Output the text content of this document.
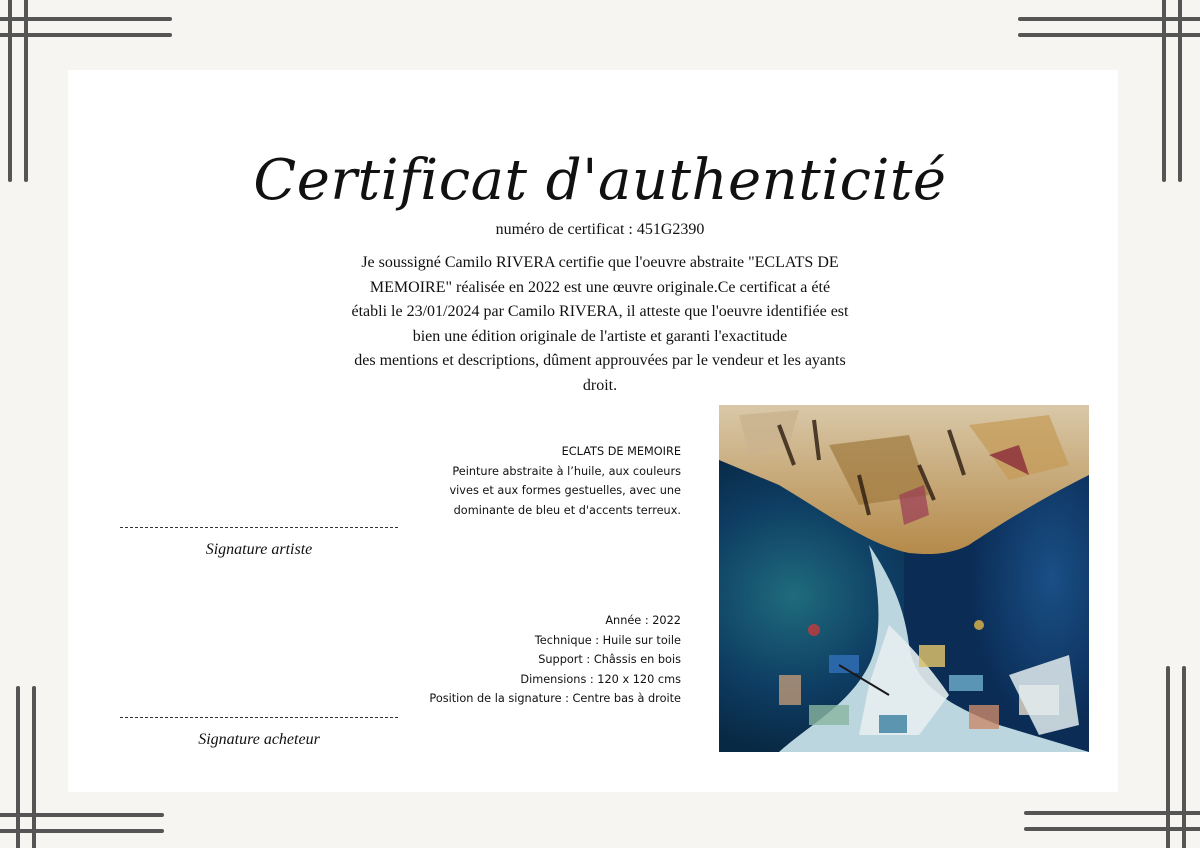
Certificat d'authenticité
numéro de certificat : 451G2390
Je soussigné Camilo RIVERA certifie que l'oeuvre abstraite "ECLATS DE
MEMOIRE" réalisée en 2022 est une œuvre originale.Ce certificat a été
établi le 23/01/2024 par Camilo RIVERA, il atteste que l'oeuvre identifiée est
bien une édition originale de l'artiste et garanti l'exactitude
des mentions et descriptions, dûment approuvées par le vendeur et les ayants
droit.
ECLATS DE MEMOIRE
Peinture abstraite à l’huile, aux couleurs
vives et aux formes gestuelles, avec une
dominante de bleu et d'accents terreux.
Année : 2022
Technique : Huile sur toile
Support : Châssis en bois
Dimensions : 120 x 120 cms
Position de la signature : Centre bas à droite
Signature artiste
Signature acheteur
